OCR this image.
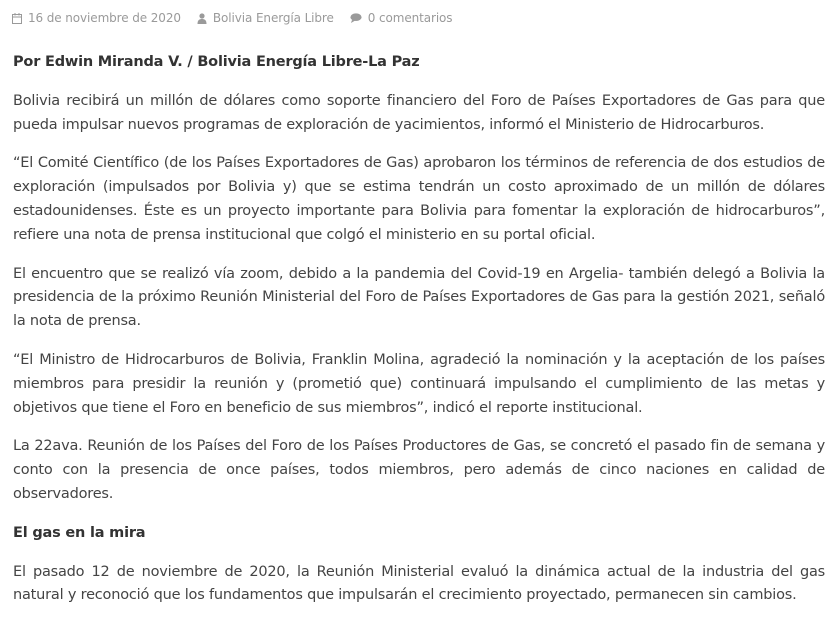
16 de noviembre de 2020	Bolivia Energía Libre	0 comentarios

Por Edwin Miranda V. / Bolivia Energía Libre-La Paz

Bolivia recibirá un millón de dólares como soporte financiero del Foro de Países Exportadores de Gas para que pueda impulsar nuevos programas de exploración de yacimientos, informó el Ministerio de Hidrocarburos.

“El Comité Científico (de los Países Exportadores de Gas) aprobaron los términos de referencia de dos estudios de exploración (impulsados por Bolivia y) que se estima tendrán un costo aproximado de un millón de dólares estadounidenses. Éste es un proyecto importante para Bolivia para fomentar la exploración de hidrocarburos”, refiere una nota de prensa institucional que colgó el ministerio en su portal oficial.

El encuentro que se realizó vía zoom, debido a la pandemia del Covid-19 en Argelia- también delegó a Bolivia la presidencia de la próximo Reunión Ministerial del Foro de Países Exportadores de Gas para la gestión 2021, señaló la nota de prensa.

“El Ministro de Hidrocarburos de Bolivia, Franklin Molina, agradeció la nominación y la aceptación de los países miembros para presidir la reunión y (prometió que) continuará impulsando el cumplimiento de las metas y objetivos que tiene el Foro en beneficio de sus miembros”, indicó el reporte institucional.

La 22ava. Reunión de los Países del Foro de los Países Productores de Gas, se concretó el pasado fin de semana y conto con la presencia de once países, todos miembros, pero además de cinco naciones en calidad de observadores.

El gas en la mira

El pasado 12 de noviembre de 2020, la Reunión Ministerial evaluó la dinámica actual de la industria del gas natural y reconoció que los fundamentos que impulsarán el crecimiento proyectado, permanecen sin cambios.
